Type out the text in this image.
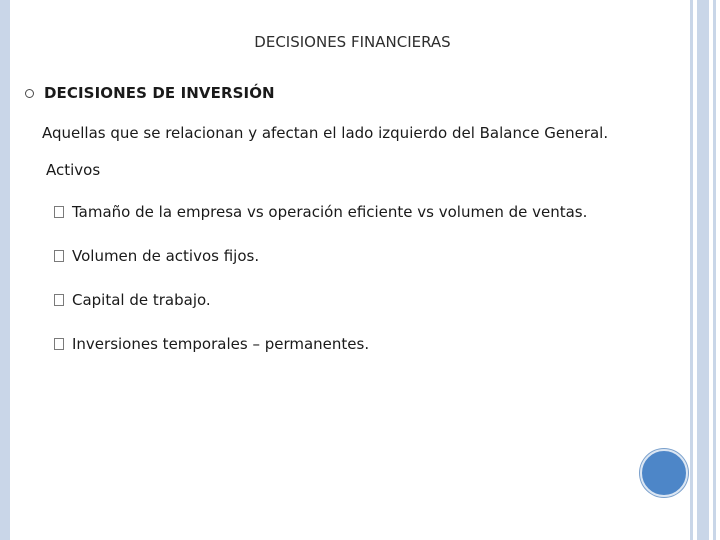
DECISIONES FINANCIERAS
DECISIONES DE INVERSIÓN
Aquellas que se relacionan y afectan el lado izquierdo del Balance General.
Activos
Tamaño de la empresa vs operación eficiente vs volumen de ventas.
Volumen de activos fijos.
Capital de trabajo.
Inversiones temporales – permanentes.
